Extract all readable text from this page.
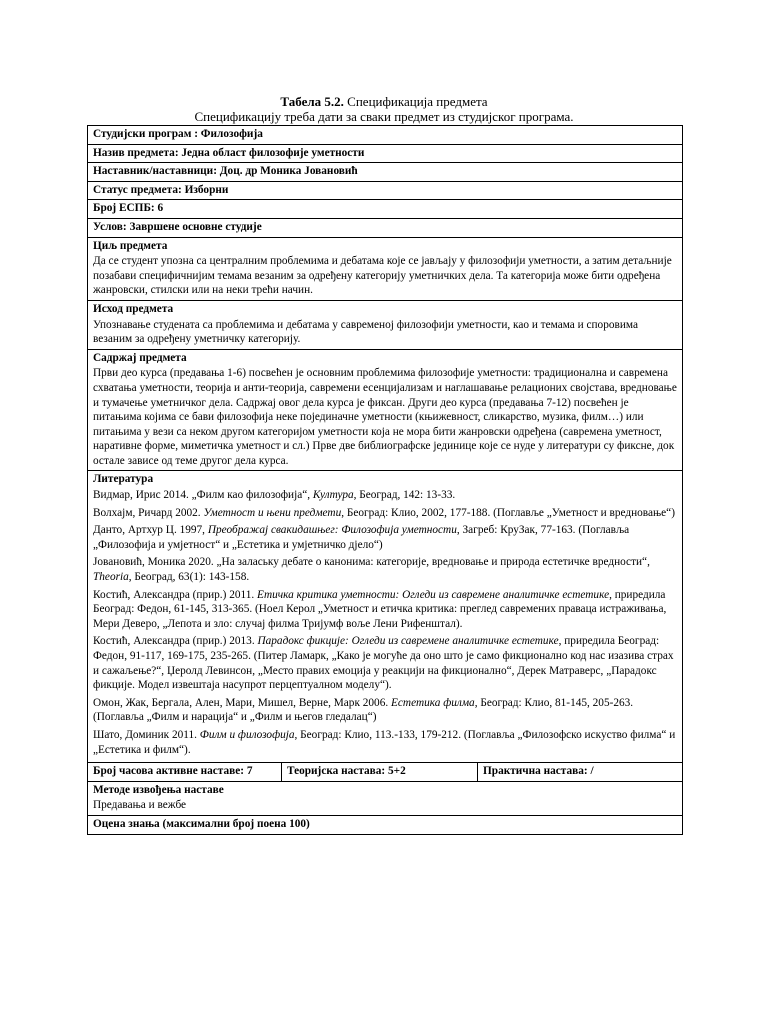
Табела 5.2. Спецификација предмета
Спецификацију треба дати за сваки предмет из студијског програма.
Студијски програм : Филозофија
Назив предмета: Једна област филозофије уметности
Наставник/наставници: Доц. др Моника Јовановић
Статус предмета: Изборни
Број ЕСПБ: 6
Услов: Завршене основне студије

Циљ предмета
Да се студент упозна са централним проблемима и дебатама које се јављају у филозофији уметности, а затим детаљније позабави специфичнијим темама везаним за одређену категорију уметничких дела. Та категорија може бити одређена жанровски, стилски или на неки трећи начин.

Исход предмета
Упознавање студената са проблемима и дебатама у савременој филозофији уметности, као и темама и споровима везаним за одређену уметничку категорију.

Садржај предмета
Први део курса (предавања 1-6) посвећен је основним проблемима филозофије уметности: традиционална и савремена схватања уметности, теорија и анти-теорија, савремени есенцијализам и наглашавање релационих својстава, вредновање и тумачење уметничког дела. Садржај овог дела курса је фиксан. Други део курса (предавања 7-12) посвећен је питањима којима се бави филозофија неке појединачне уметности (књижевност, сликарство, музика, филм…) или питањима у вези са неком другом категоријом уметности која не мора бити жанровски одређена (савремена уметност, наративне форме, миметичка уметност и сл.) Прве две библиографске јединице које се нуде у литератури су фиксне, док остале зависе од теме другог дела курса.

Литература
Видмар, Ирис 2014. „Филм као филозофија“, Култура, Београд, 142: 13-33.
Волхајм, Ричард 2002. Уметност и њени предмети, Београд: Клио, 2002, 177-188. (Поглавље „Уметност и вредновање“)
Данто, Артхур Ц. 1997, Преображај свакидашњег: Филозофија уметности, Загреб: КруЗак, 77-163. (Поглавља „Филозофија и умјетност“ и „Естетика и умјетничко дјело“)
Јовановић, Моника 2020. „На залаську дебате о канонима: категорије, вредновање и природа естетичке вредности“, Theoria, Београд, 63(1): 143-158.
Костић, Александра (прир.) 2011. Етичка критика уметности: Огледи из савремене аналитичке естетике, приредила Београд: Федон, 61-145, 313-365. (Ноел Керол „Уметност и етичка критика: преглед савремених праваца истраживања, Мери Деверо, „Лепота и зло: случај филма Тријумф воље Лени Рифенштал).
Костић, Александра (прир.) 2013. Парадокс фикције: Огледи из савремене аналитичке естетике, приредила Београд: Федон, 91-117, 169-175, 235-265. (Питер Ламарк, „Како је могуће да оно што је само фикционално код нас изазива страх и сажаљење?“, Џеролд Левинсон, „Место правих емоција у реакцији на фикционално“, Дерек Матраверс, „Парадокс фикције. Модел извештаја насупрот перцептуалном моделу“).
Омон, Жак, Бергала, Ален, Мари, Мишел, Верне, Марк 2006. Естетика филма, Београд: Клио, 81-145, 205-263. (Поглавља „Филм и нарација“ и „Филм и његов гледалац“)
Шато, Доминик 2011. Филм и филозофија, Београд: Клио, 113.-133, 179-212. (Поглавља „Филозофско искуство филма“ и „Естетика и филм“).

Број часова активне наставе: 7	Теоријска настава: 5+2	Практична настава: /

Методе извођења наставе
Предавања и вежбе

Оцена знања (максимални број поена 100)
